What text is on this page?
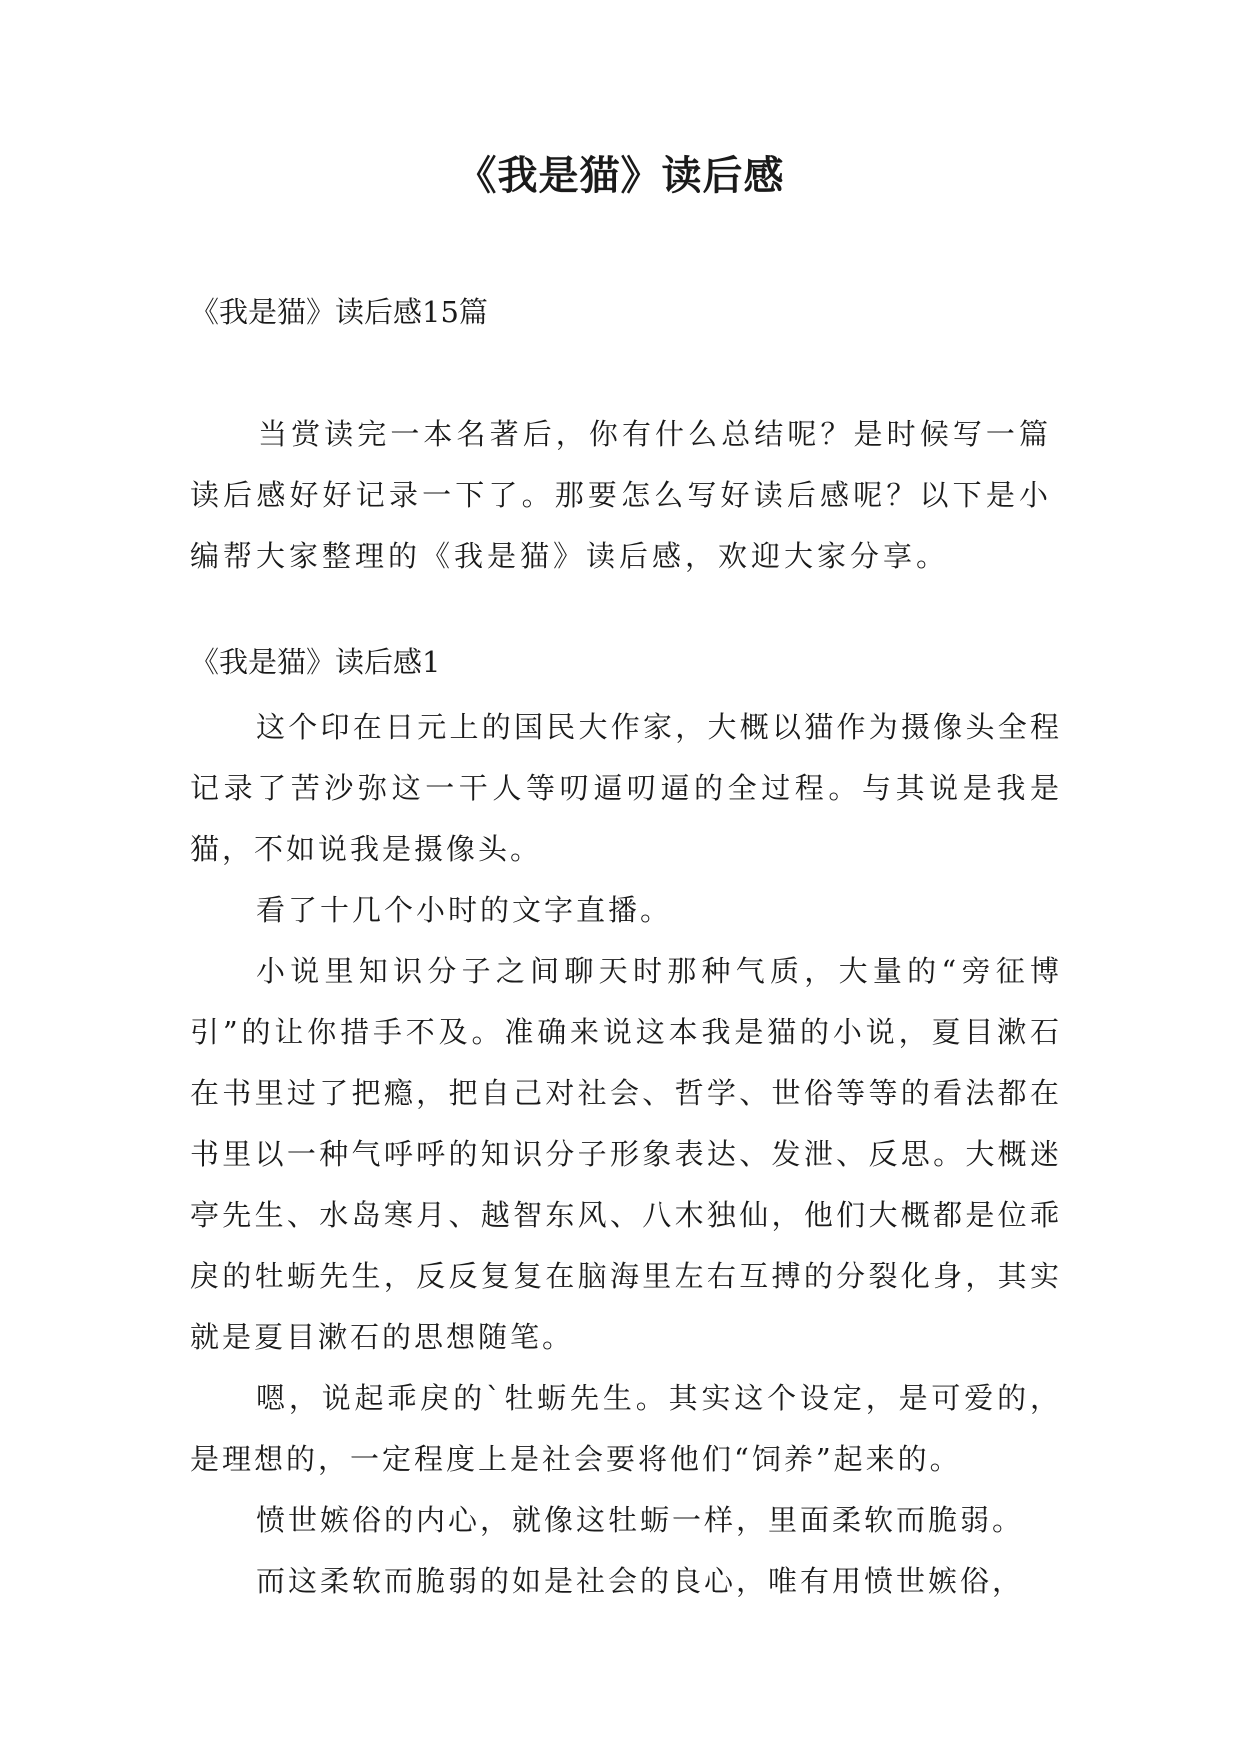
《我是猫》读后感

《我是猫》读后感15篇

当赏读完一本名著后，你有什么总结呢？是时候写一篇读后感好好记录一下了。那要怎么写好读后感呢？以下是小编帮大家整理的《我是猫》读后感，欢迎大家分享。

《我是猫》读后感1

这个印在日元上的国民大作家，大概以猫作为摄像头全程记录了苦沙弥这一干人等叨逼叨逼的全过程。与其说是我是猫，不如说我是摄像头。

看了十几个小时的文字直播。

小说里知识分子之间聊天时那种气质，大量的“旁征博引”的让你措手不及。准确来说这本我是猫的小说，夏目漱石在书里过了把瘾，把自己对社会、哲学、世俗等等的看法都在书里以一种气呼呼的知识分子形象表达、发泄、反思。大概迷亭先生、水岛寒月、越智东风、八木独仙，他们大概都是位乖戾的牡蛎先生，反反复复在脑海里左右互搏的分裂化身，其实就是夏目漱石的思想随笔。

嗯，说起乖戾的`牡蛎先生。其实这个设定，是可爱的，是理想的，一定程度上是社会要将他们“饲养”起来的。

愤世嫉俗的内心，就像这牡蛎一样，里面柔软而脆弱。

而这柔软而脆弱的如是社会的良心，唯有用愤世嫉俗，
